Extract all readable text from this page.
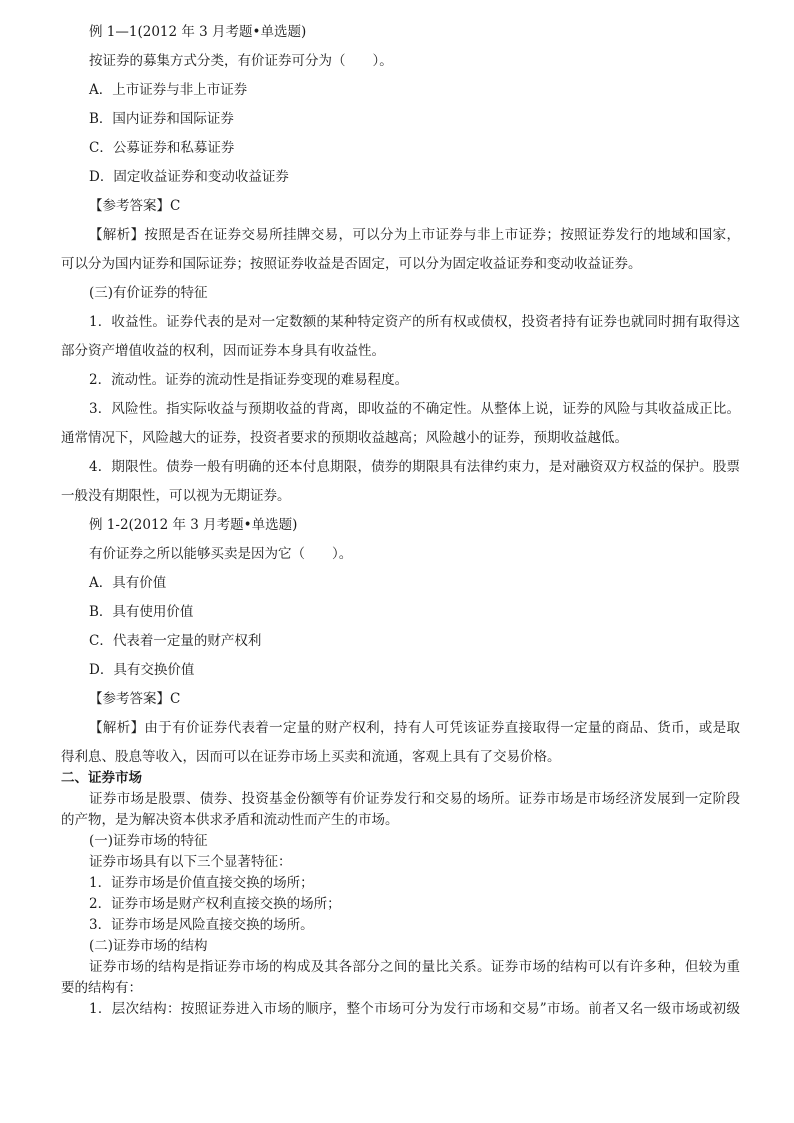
例 1—1(2012 年 3 月考题•单选题)
按证券的募集方式分类，有价证券可分为（　　）。
A．上市证券与非上市证券
B．国内证券和国际证券
C．公募证券和私募证券
D．固定收益证券和变动收益证券
【参考答案】C
【解析】按照是否在证券交易所挂牌交易，可以分为上市证券与非上市证券；按照证券发行的地域和国家，
可以分为国内证券和国际证券；按照证券收益是否固定，可以分为固定收益证券和变动收益证券。
(三)有价证券的特征
1．收益性。证券代表的是对一定数额的某种特定资产的所有权或债权，投资者持有证券也就同时拥有取得这
部分资产增值收益的权利，因而证券本身具有收益性。
2．流动性。证券的流动性是指证券变现的难易程度。
3．风险性。指实际收益与预期收益的背离，即收益的不确定性。从整体上说，证券的风险与其收益成正比。
通常情况下，风险越大的证券，投资者要求的预期收益越高；风险越小的证券，预期收益越低。
4．期限性。债券一般有明确的还本付息期限，债券的期限具有法律约束力，是对融资双方权益的保护。股票
一般没有期限性，可以视为无期证券。
例 1-2(2012 年 3 月考题•单选题)
有价证券之所以能够买卖是因为它（　　）。
A．具有价值
B．具有使用价值
C．代表着一定量的财产权利
D．具有交换价值
【参考答案】C
【解析】由于有价证券代表着一定量的财产权利，持有人可凭该证券直接取得一定量的商品、货币，或是取
得利息、股息等收入，因而可以在证券市场上买卖和流通，客观上具有了交易价格。
二、证券市场
证券市场是股票、债券、投资基金份额等有价证券发行和交易的场所。证券市场是市场经济发展到一定阶段
的产物，是为解决资本供求矛盾和流动性而产生的市场。
(一)证券市场的特征
证券市场具有以下三个显著特征：
1．证券市场是价值直接交换的场所；
2．证券市场是财产权利直接交换的场所；
3．证券市场是风险直接交换的场所。
(二)证券市场的结构
证券市场的结构是指证券市场的构成及其各部分之间的量比关系。证券市场的结构可以有许多种，但较为重
要的结构有：
1．层次结构：按照证券进入市场的顺序，整个市场可分为发行市场和交易”市场。前者又名一级市场或初级
